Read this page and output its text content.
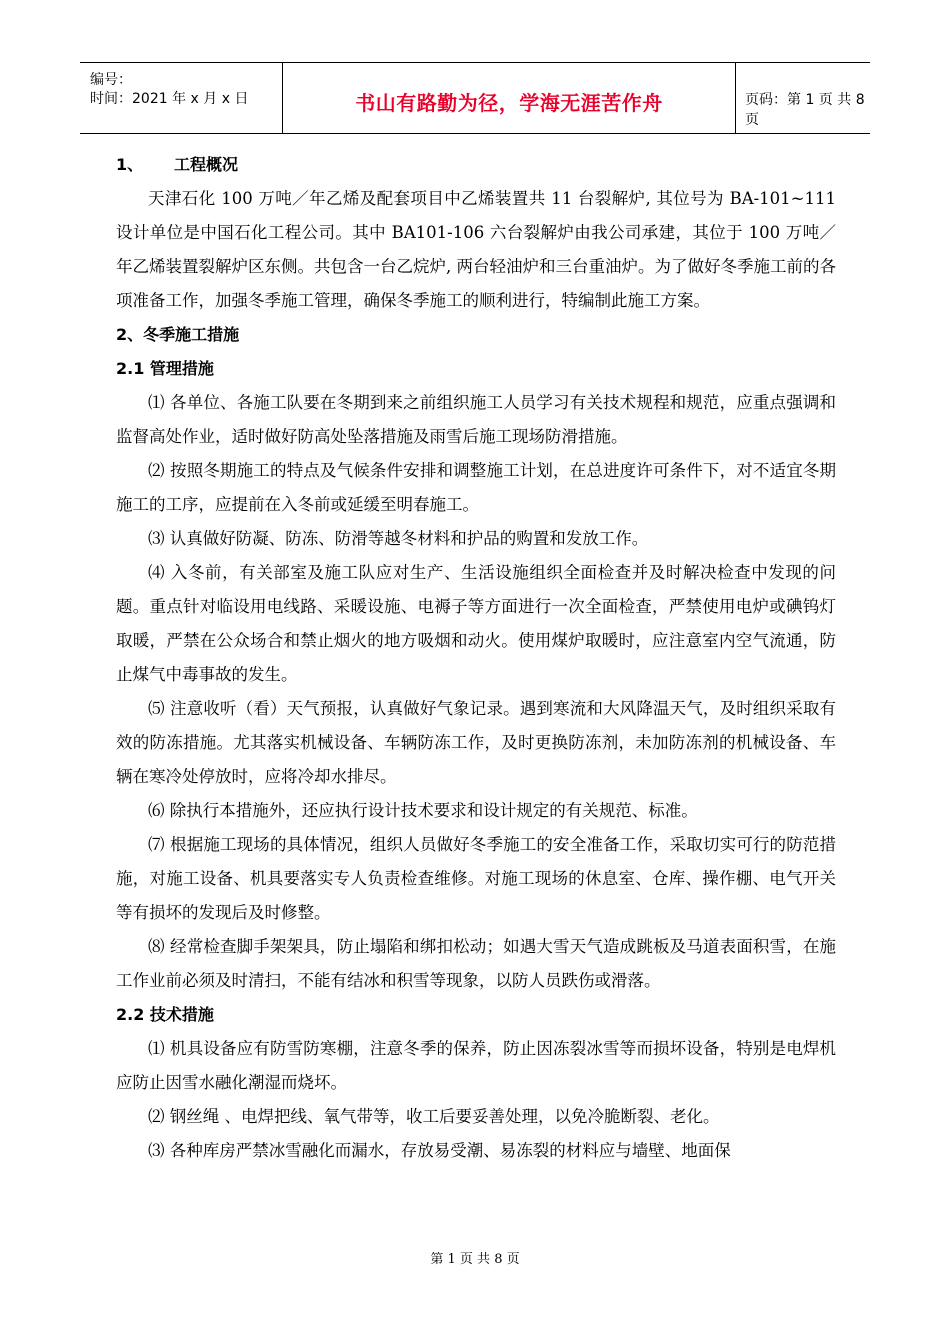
编号：
时间：2021 年 x 月 x 日	书山有路勤为径，学海无涯苦作舟	页码：第 1 页 共 8 页
1、 工程概况

天津石化 100 万吨／年乙烯及配套项目中乙烯装置共 11 台裂解炉, 其位号为 BA-101~111 设计单位是中国石化工程公司。其中 BA101-106 六台裂解炉由我公司承建，其位于 100 万吨／年乙烯装置裂解炉区东侧。共包含一台乙烷炉, 两台轻油炉和三台重油炉。为了做好冬季施工前的各项准备工作，加强冬季施工管理，确保冬季施工的顺利进行，特编制此施工方案。

2、冬季施工措施
2.1 管理措施

⑴ 各单位、各施工队要在冬期到来之前组织施工人员学习有关技术规程和规范，应重点强调和监督高处作业，适时做好防高处坠落措施及雨雪后施工现场防滑措施。

⑵ 按照冬期施工的特点及气候条件安排和调整施工计划，在总进度许可条件下，对不适宜冬期施工的工序，应提前在入冬前或延缓至明春施工。

⑶ 认真做好防凝、防冻、防滑等越冬材料和护品的购置和发放工作。

⑷ 入冬前，有关部室及施工队应对生产、生活设施组织全面检查并及时解决检查中发现的问题。重点针对临设用电线路、采暖设施、电褥子等方面进行一次全面检查，严禁使用电炉或碘钨灯取暖，严禁在公众场合和禁止烟火的地方吸烟和动火。使用煤炉取暖时，应注意室内空气流通，防止煤气中毒事故的发生。

⑸ 注意收听（看）天气预报，认真做好气象记录。遇到寒流和大风降温天气，及时组织采取有效的防冻措施。尤其落实机械设备、车辆防冻工作，及时更换防冻剂，未加防冻剂的机械设备、车辆在寒冷处停放时，应将冷却水排尽。

⑹ 除执行本措施外，还应执行设计技术要求和设计规定的有关规范、标准。

⑺ 根据施工现场的具体情况，组织人员做好冬季施工的安全准备工作，采取切实可行的防范措施，对施工设备、机具要落实专人负责检查维修。对施工现场的休息室、仓库、操作棚、电气开关等有损坏的发现后及时修整。

⑻ 经常检查脚手架架具，防止塌陷和绑扣松动；如遇大雪天气造成跳板及马道表面积雪，在施工作业前必须及时清扫，不能有结冰和积雪等现象，以防人员跌伤或滑落。

2.2 技术措施

⑴ 机具设备应有防雪防寒棚，注意冬季的保养，防止因冻裂冰雪等而损坏设备，特别是电焊机应防止因雪水融化潮湿而烧坏。

⑵ 钢丝绳 、电焊把线、氧气带等，收工后要妥善处理，以免冷脆断裂、老化。

⑶ 各种库房严禁冰雪融化而漏水，存放易受潮、易冻裂的材料应与墙壁、地面保

第 1 页 共 8 页
